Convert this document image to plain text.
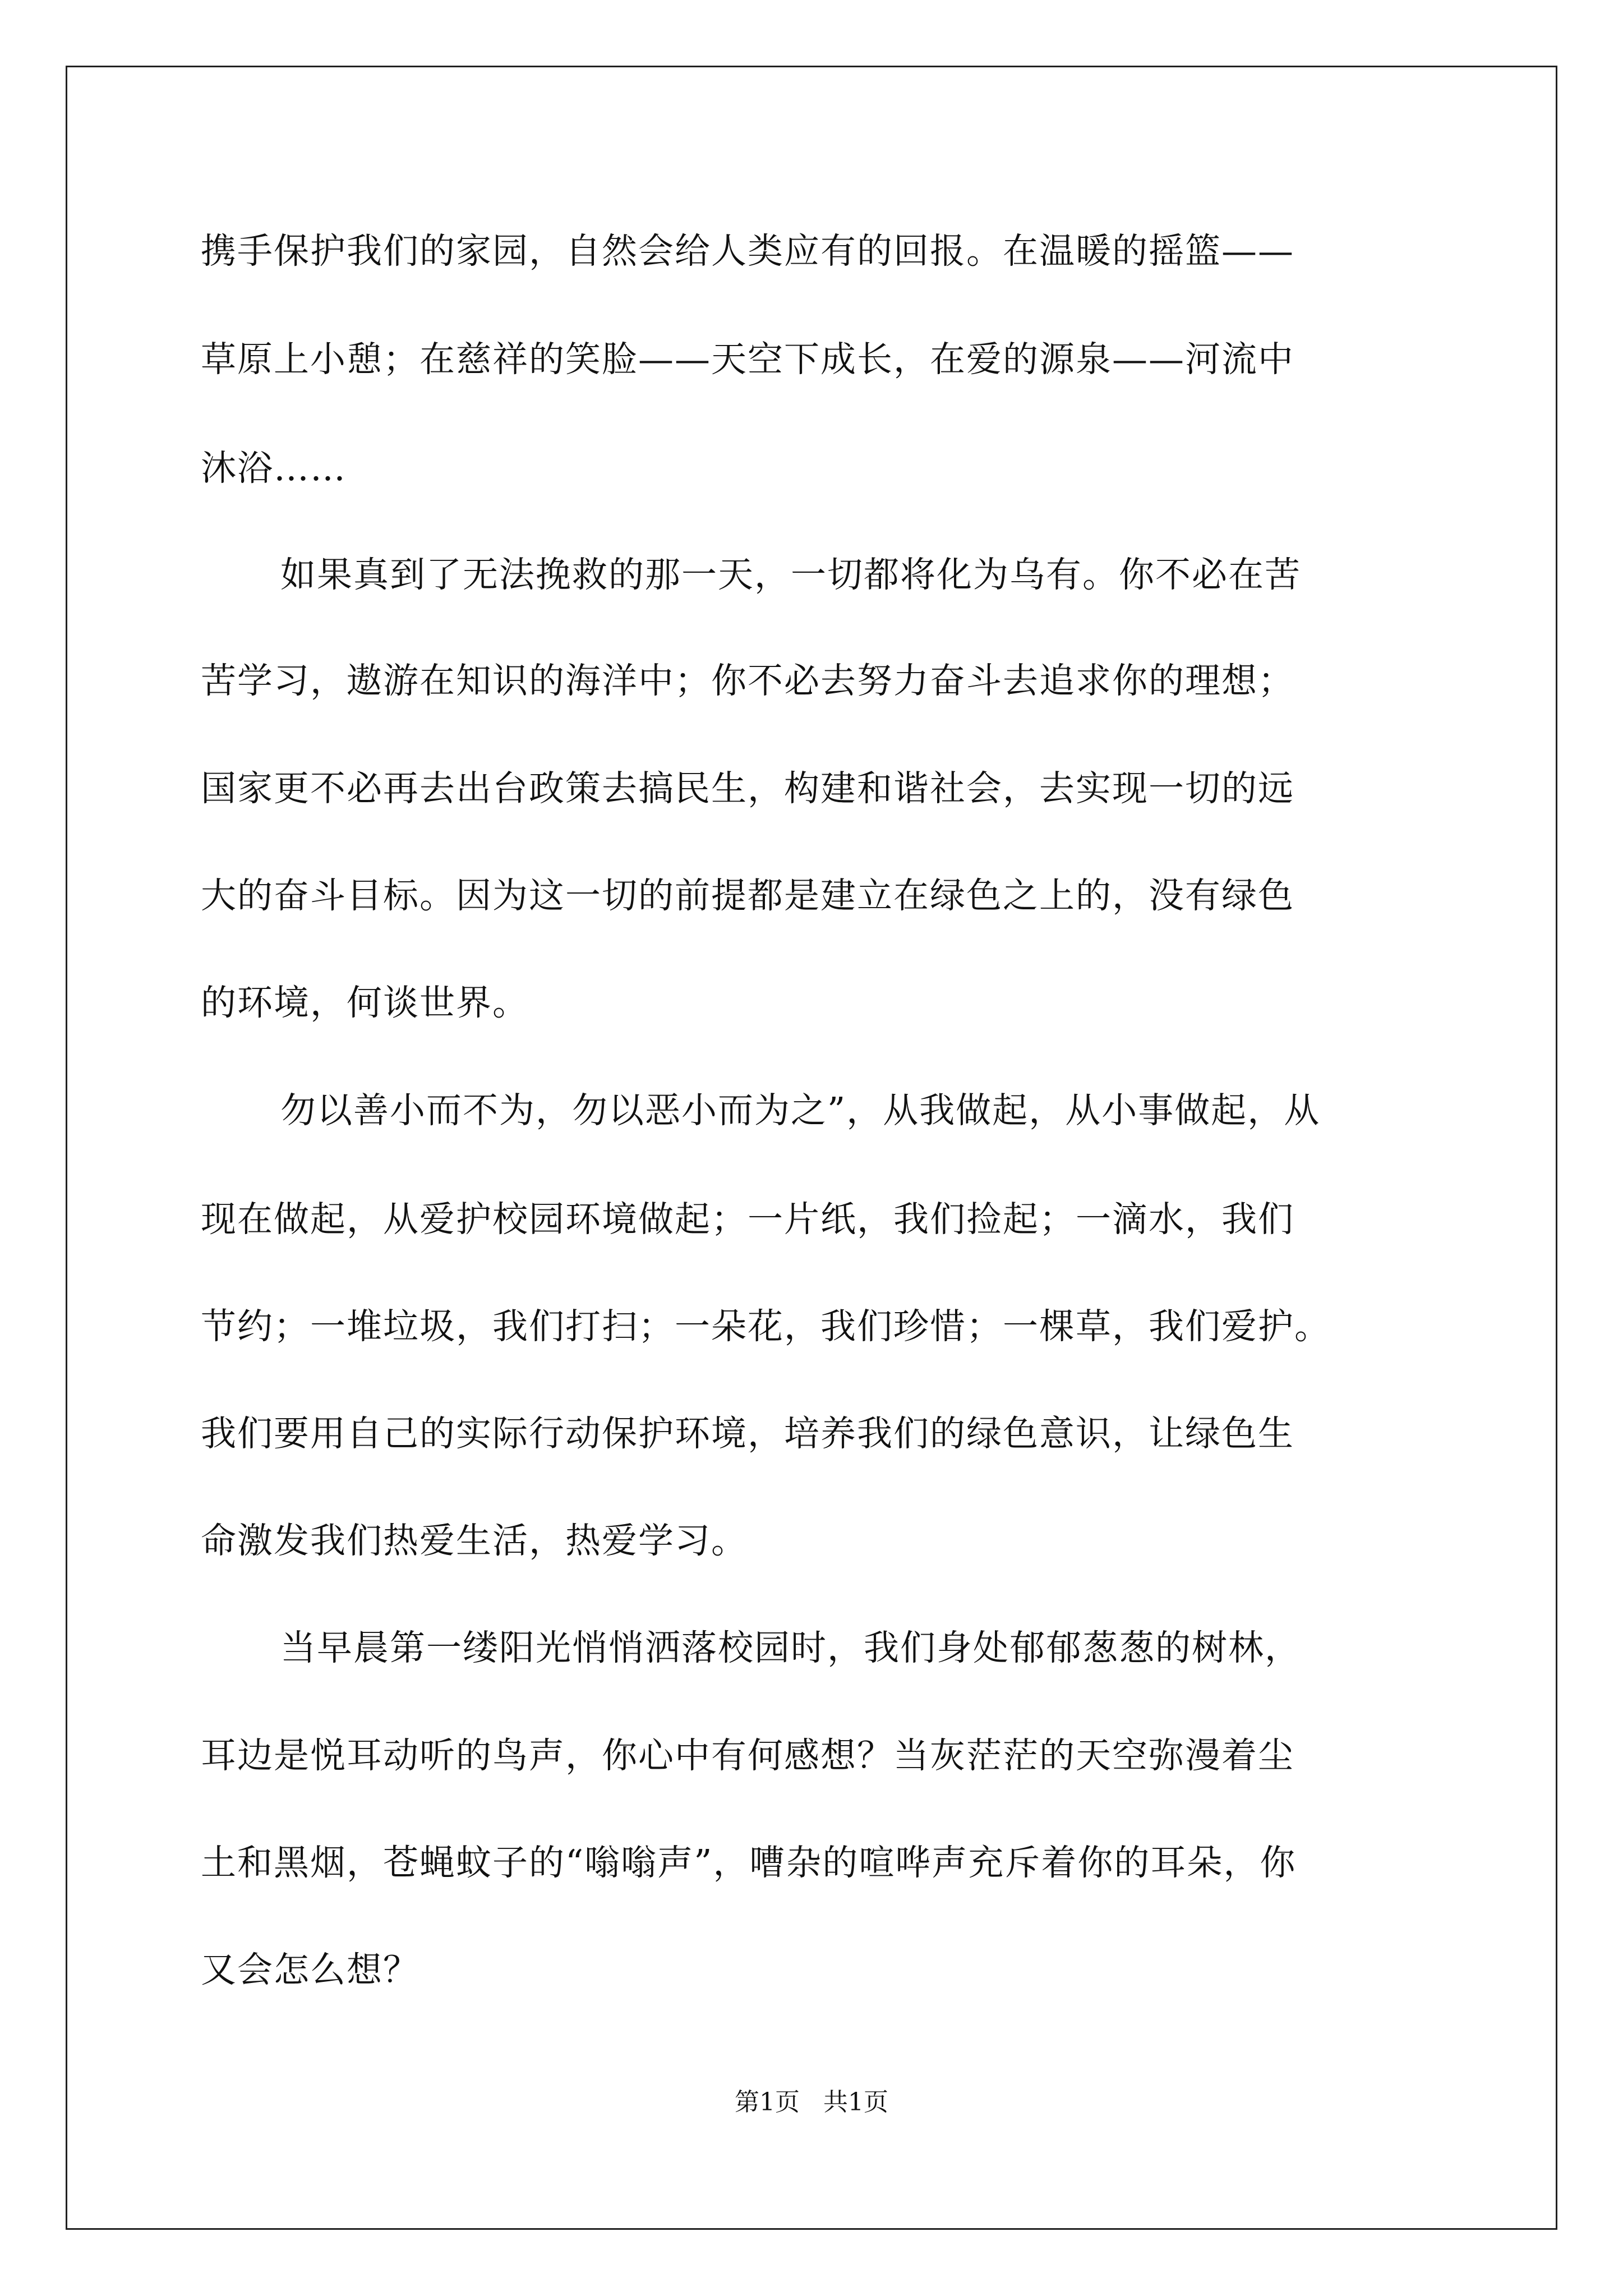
携手保护我们的家园，自然会给人类应有的回报。在温暖的摇篮——
草原上小憩；在慈祥的笑脸——天空下成长，在爱的源泉——河流中
沐浴……
如果真到了无法挽救的那一天，一切都将化为乌有。你不必在苦
苦学习，遨游在知识的海洋中；你不必去努力奋斗去追求你的理想；
国家更不必再去出台政策去搞民生，构建和谐社会，去实现一切的远
大的奋斗目标。因为这一切的前提都是建立在绿色之上的，没有绿色
的环境，何谈世界。
勿以善小而不为，勿以恶小而为之”，从我做起，从小事做起，从
现在做起，从爱护校园环境做起；一片纸，我们捡起；一滴水，我们
节约；一堆垃圾，我们打扫；一朵花，我们珍惜；一棵草，我们爱护。
我们要用自己的实际行动保护环境，培养我们的绿色意识，让绿色生
命激发我们热爱生活，热爱学习。
当早晨第一缕阳光悄悄洒落校园时，我们身处郁郁葱葱的树林，
耳边是悦耳动听的鸟声，你心中有何感想？当灰茫茫的天空弥漫着尘
土和黑烟，苍蝇蚊子的“嗡嗡声”，嘈杂的喧哗声充斥着你的耳朵，你
又会怎么想？
第1页 共1页
